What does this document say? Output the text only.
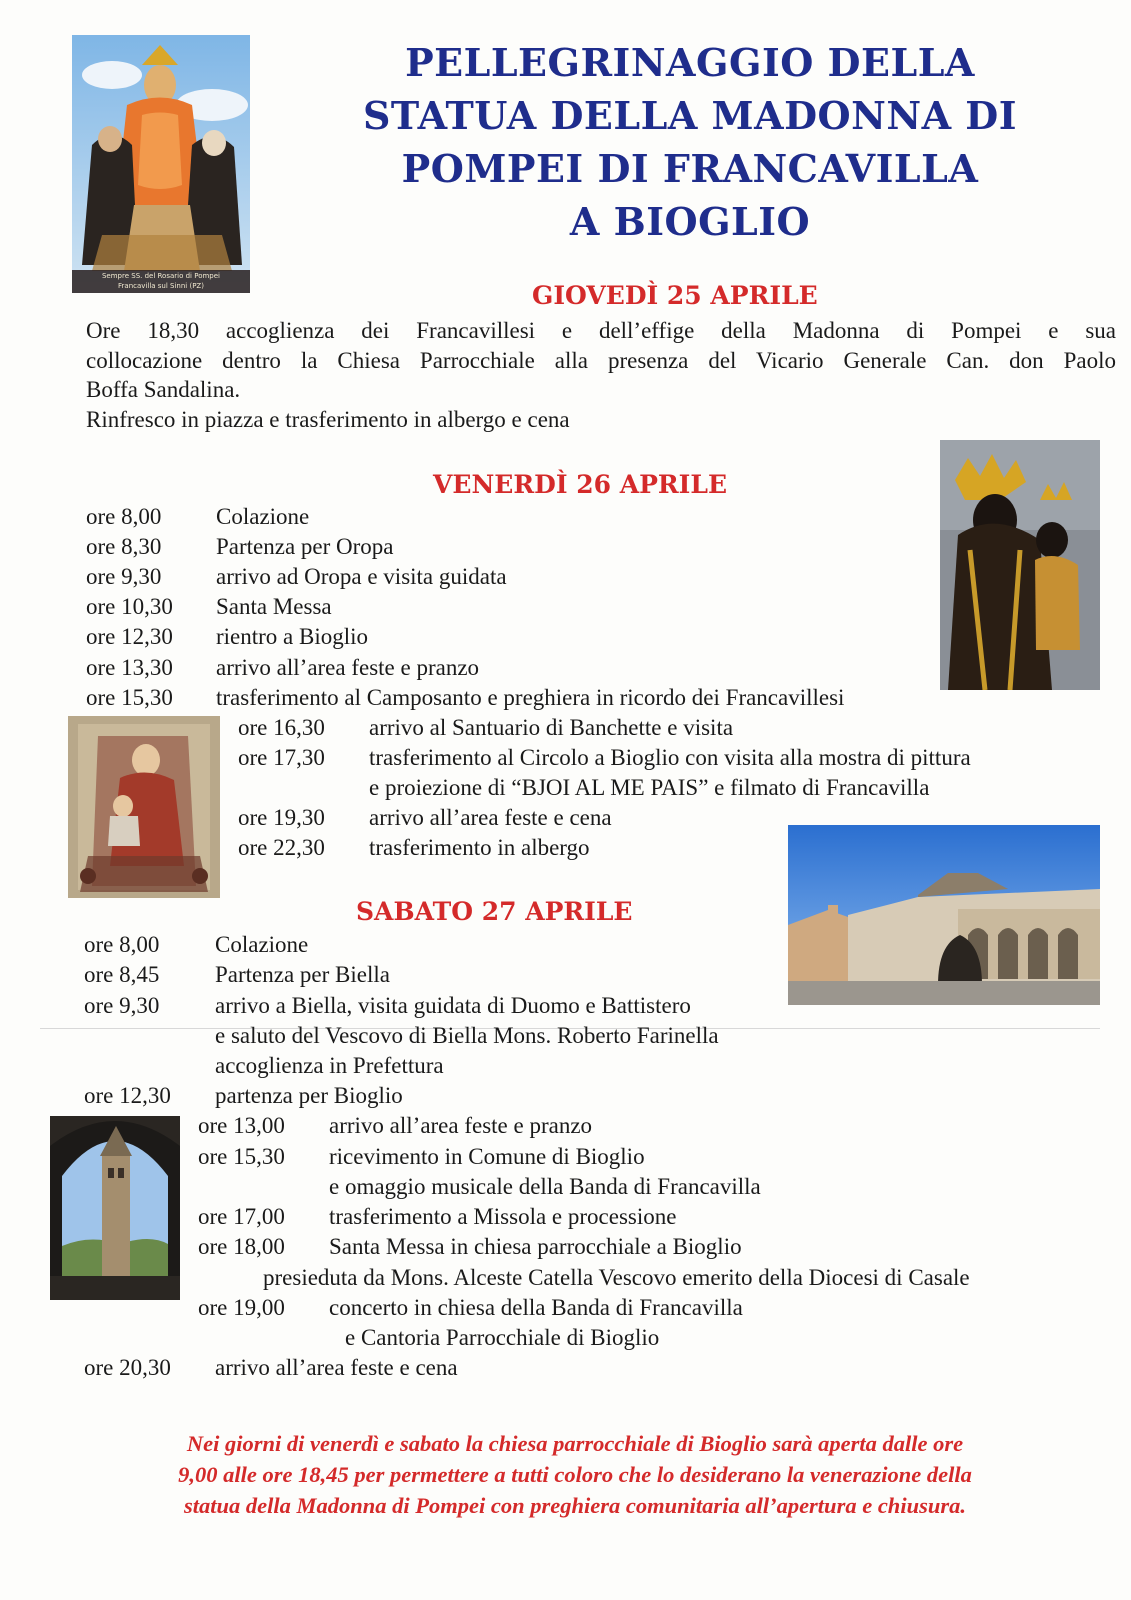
PELLEGRINAGGIO DELLA
STATUA DELLA MADONNA DI
POMPEI DI FRANCAVILLA
A BIOGLIO
Sempre SS. del Rosario di Pompei
Francavilla sul Sinni (PZ)	GIOVEDÌ 25 APRILE
Ore 18,30 accoglienza dei Francavillesi e dell’effige della Madonna di Pompei e sua
collocazione dentro la Chiesa Parrocchiale alla presenza del Vicario Generale Can. don Paolo
Boffa Sandalina.
Rinfresco in piazza e trasferimento in albergo e cena
VENERDÌ 26 APRILE
ore 8,00 Colazione
ore 8,30 Partenza per Oropa
ore 9,30 arrivo ad Oropa e visita guidata
ore 10,30 Santa Messa
ore 12,30 rientro a Bioglio
ore 13,30 arrivo all’area feste e pranzo
ore 15,30 trasferimento al Camposanto e preghiera in ricordo dei Francavillesi
ore 16,30 arrivo al Santuario di Banchette e visita
ore 17,30 trasferimento al Circolo a Bioglio con visita alla mostra di pittura
e proiezione di “BJOI AL ME PAIS” e filmato di Francavilla
ore 19,30 arrivo all’area feste e cena
ore 22,30 trasferimento in albergo
SABATO 27 APRILE
ore 8,00 Colazione
ore 8,45 Partenza per Biella
ore 9,30 arrivo a Biella, visita guidata di Duomo e Battistero
e saluto del Vescovo di Biella Mons. Roberto Farinella
accoglienza in Prefettura
ore 12,30 partenza per Bioglio
ore 13,00 arrivo all’area feste e pranzo
ore 15,30 ricevimento in Comune di Bioglio
e omaggio musicale della Banda di Francavilla
ore 17,00 trasferimento a Missola e processione
ore 18,00 Santa Messa in chiesa parrocchiale a Bioglio
presieduta da Mons. Alceste Catella Vescovo emerito della Diocesi di Casale
ore 19,00 concerto in chiesa della Banda di Francavilla
e Cantoria Parrocchiale di Bioglio
ore 20,30 arrivo all’area feste e cena
Nei giorni di venerdì e sabato la chiesa parrocchiale di Bioglio sarà aperta dalle ore
9,00 alle ore 18,45 per permettere a tutti coloro che lo desiderano la venerazione della
statua della Madonna di Pompei con preghiera comunitaria all’apertura e chiusura.
